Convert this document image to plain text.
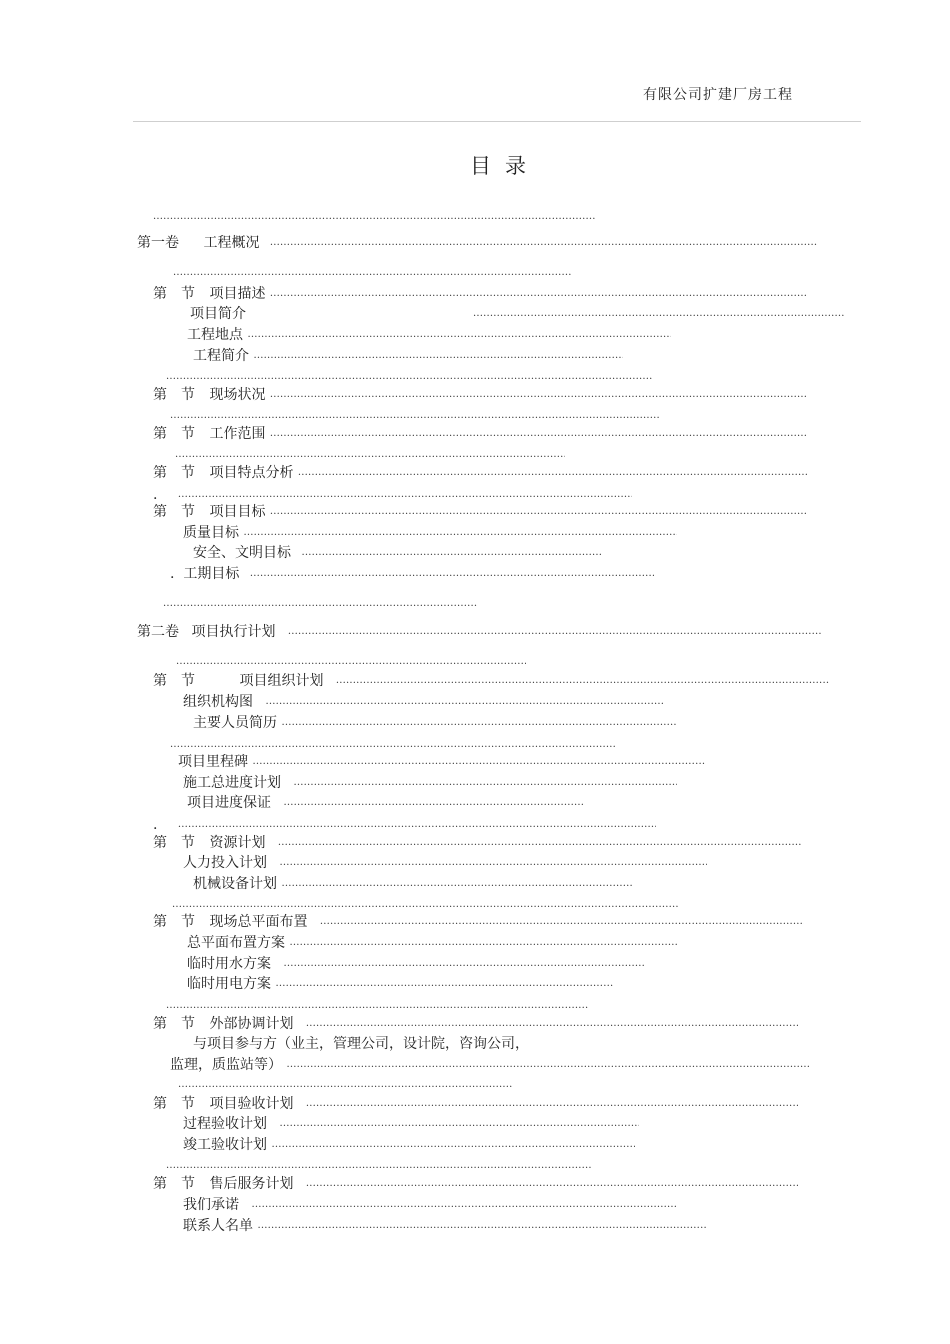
有限公司扩建厂房工程
目录
.....
第一卷 工程概况 .....
.....
第　节 项目描述 .....
项目简介
.....
工程地点 .....
工程简介 .....
.....
第　节 现场状况 .....
.....
第　节 工作范围 .....
.....
第　节 项目特点分析 .....
. .....
第　节 项目目标 .....
质量目标 .....
安全、文明目标 .....
.  工期目标 .....
.....
第二卷 项目执行计划 .....
.....
第　节	项目组织计划 .....
组织机构图 .....
主要人员简历 .....
.....
项目里程碑 .....
施工总进度计划 .....
项目进度保证 .....
. .....
第　节 资源计划 .....
人力投入计划 .....
机械设备计划 .....
.....
第　节 现场总平面布置 .....
总平面布置方案 .....
临时用水方案 .....
临时用电方案 .....
.....
第　节 外部协调计划 .....
与项目参与方（业主，管理公司，设计院，咨询公司，
监理，质监站等） .....
.....
第　节 项目验收计划 .....
过程验收计划 .....
竣工验收计划 .....
.....
第　节 售后服务计划 .....
我们承诺 .....
联系人名单 .....
